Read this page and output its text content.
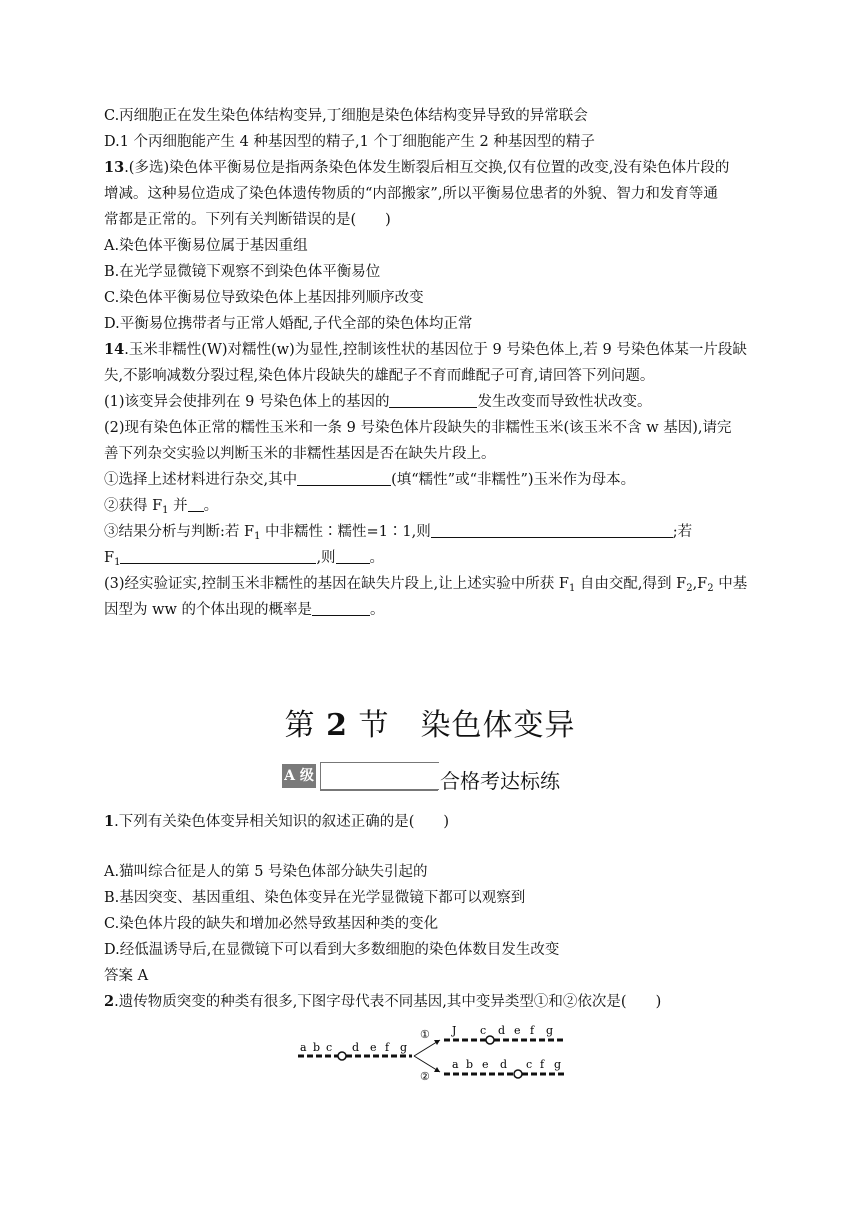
C.丙细胞正在发生染色体结构变异,丁细胞是染色体结构变异导致的异常联会
D.1 个丙细胞能产生 4 种基因型的精子,1 个丁细胞能产生 2 种基因型的精子
13.(多选)染色体平衡易位是指两条染色体发生断裂后相互交换,仅有位置的改变,没有染色体片段的
增减。这种易位造成了染色体遗传物质的“内部搬家”,所以平衡易位患者的外貌、智力和发育等通
常都是正常的。下列有关判断错误的是(　　)
A.染色体平衡易位属于基因重组
B.在光学显微镜下观察不到染色体平衡易位
C.染色体平衡易位导致染色体上基因排列顺序改变
D.平衡易位携带者与正常人婚配,子代全部的染色体均正常
14.玉米非糯性(W)对糯性(w)为显性,控制该性状的基因位于 9 号染色体上,若 9 号染色体某一片段缺
失,不影响减数分裂过程,染色体片段缺失的雄配子不育而雌配子可育,请回答下列问题。
(1)该变异会使排列在 9 号染色体上的基因的	发生改变而导致性状改变。
(2)现有染色体正常的糯性玉米和一条 9 号染色体片段缺失的非糯性玉米(该玉米不含 w 基因),请完
善下列杂交实验以判断玉米的非糯性基因是否在缺失片段上。
①选择上述材料进行杂交,其中	(填“糯性”或“非糯性”)玉米作为母本。
②获得 $F_1$ 并 。
③结果分析与判断:若 $F_1$ 中非糯性∶糯性=1∶1,则	;若
$F_1$	,则 。
(3)经实验证实,控制玉米非糯性的基因在缺失片段上,让上述实验中所获 $F_1$ 自由交配,得到 $F_2,F_2$ 中基
因型为 ww 的个体出现的概率是	。
第 2 节　染色体变异
A 级	合格考达标练
1.下列有关染色体变异相关知识的叙述正确的是(　　)
A.猫叫综合征是人的第 5 号染色体部分缺失引起的
B.基因突变、基因重组、染色体变异在光学显微镜下都可以观察到
C.染色体片段的缺失和增加必然导致基因种类的变化
D.经低温诱导后,在显微镜下可以看到大多数细胞的染色体数目发生改变
答案 A
2.遗传物质突变的种类有很多,下图字母代表不同基因,其中变异类型①和②依次是(　　)
a b c d e f g
①
②
J c d e f g
a b e d c f g
